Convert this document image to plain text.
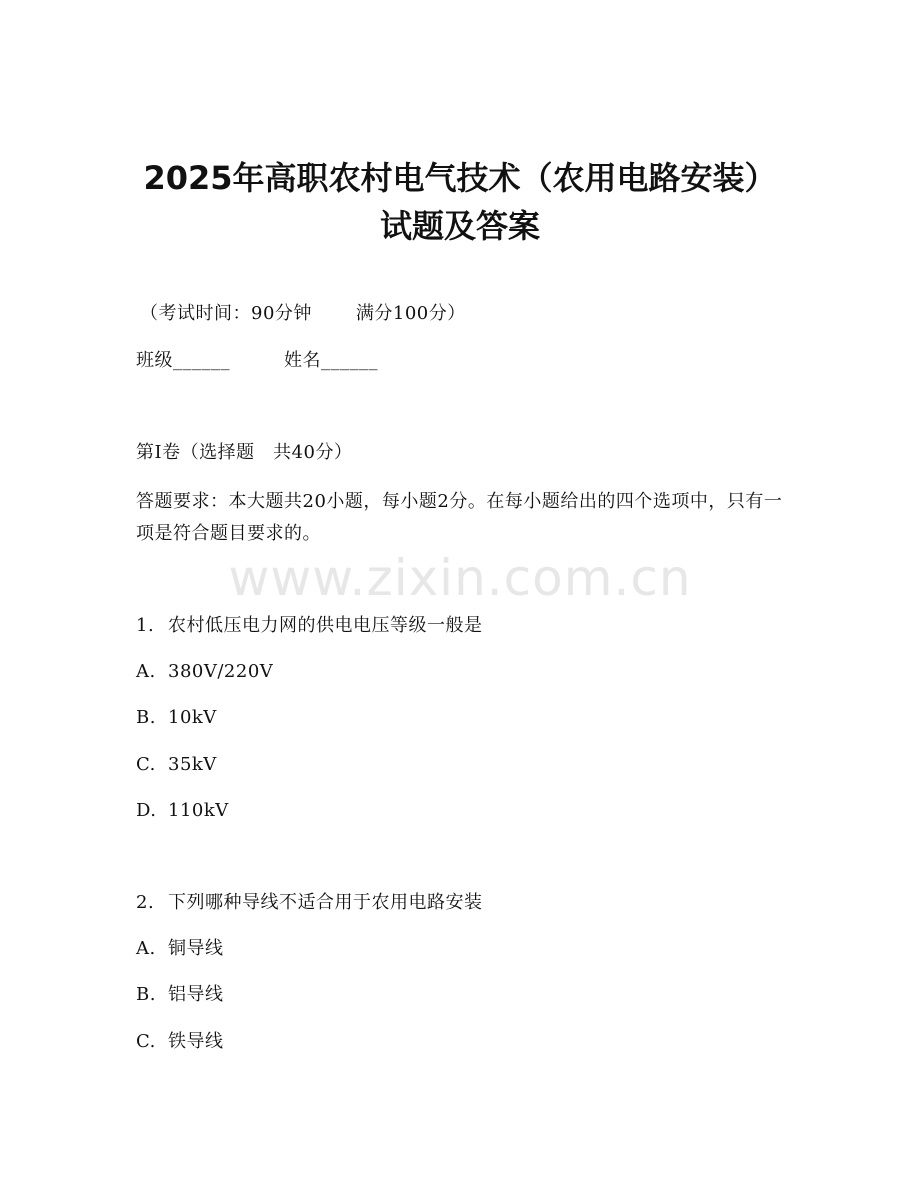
2025年高职农村电气技术（农用电路安装）
试题及答案
（考试时间：90分钟 满分100分）
班级______	姓名______
第I卷（选择题　共40分）
答题要求：本大题共20小题，每小题2分。在每小题给出的四个选项中，只有一项是符合题目要求的。
www.zixin.com.cn
1. 农村低压电力网的供电电压等级一般是
A. 380V/220V
B. 10kV
C. 35kV
D. 110kV
2. 下列哪种导线不适合用于农用电路安装
A. 铜导线
B. 铝导线
C. 铁导线
